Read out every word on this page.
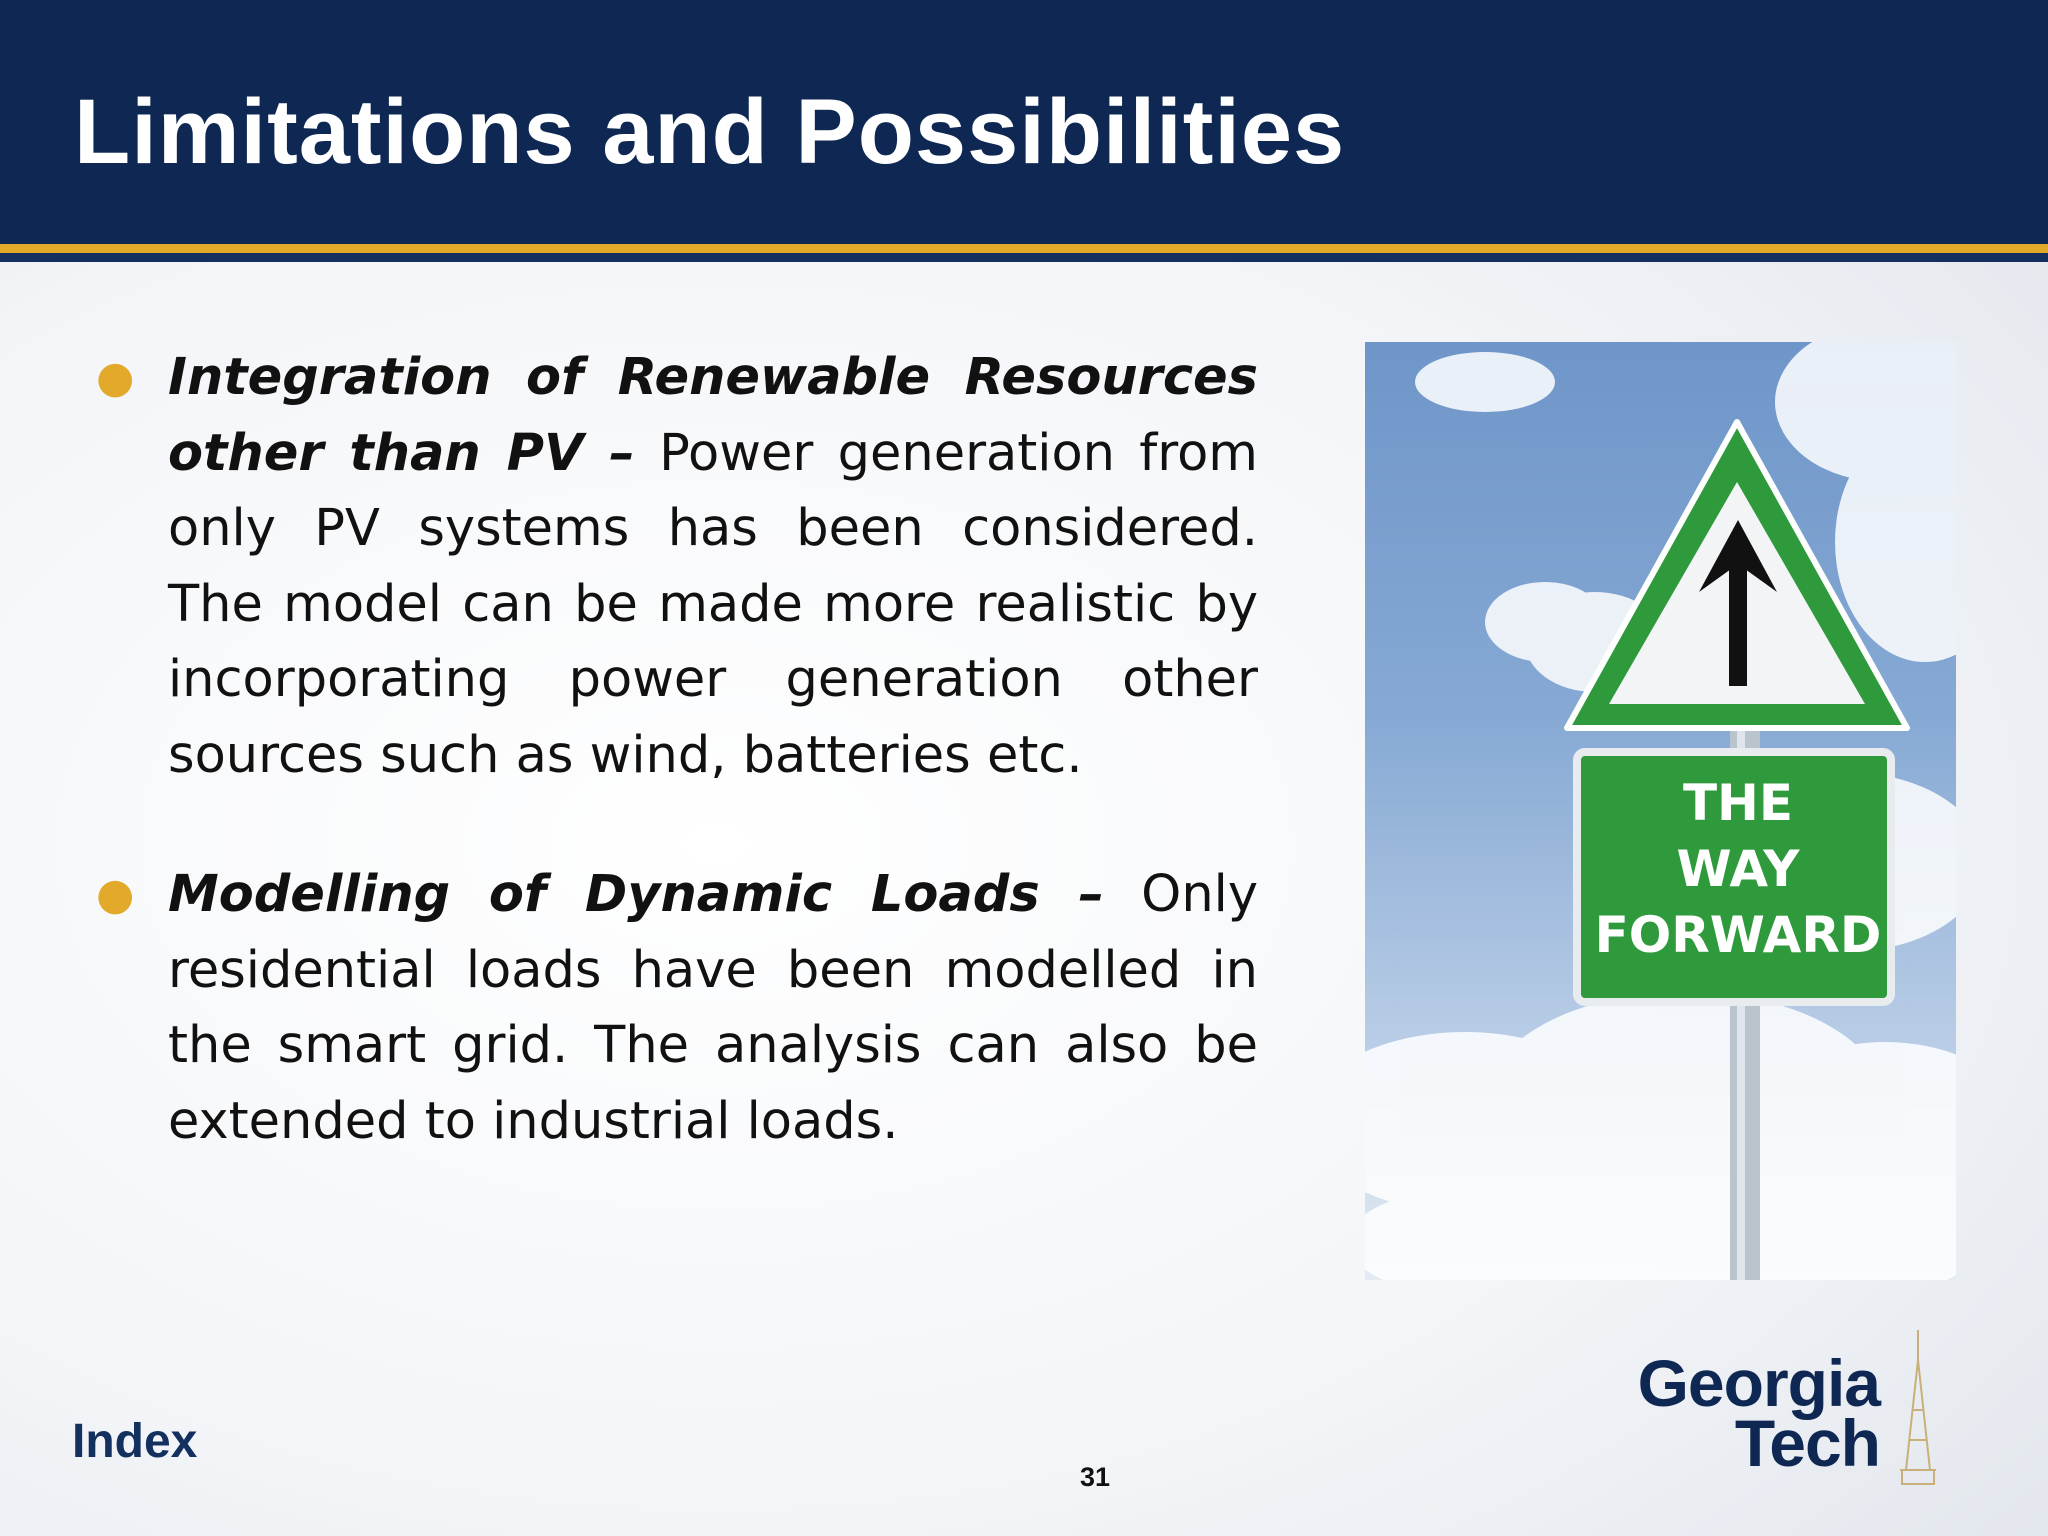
Limitations and Possibilities
● Integration of Renewable Resources other than PV – Power generation from only PV systems has been considered. The model can be made more realistic by incorporating power generation other sources such as wind, batteries etc.
● Modelling of Dynamic Loads – Only residential loads have been modelled in the smart grid. The analysis can also be extended to industrial loads.
THE
WAY
FORWARD
Georgia
Tech
Index
31
